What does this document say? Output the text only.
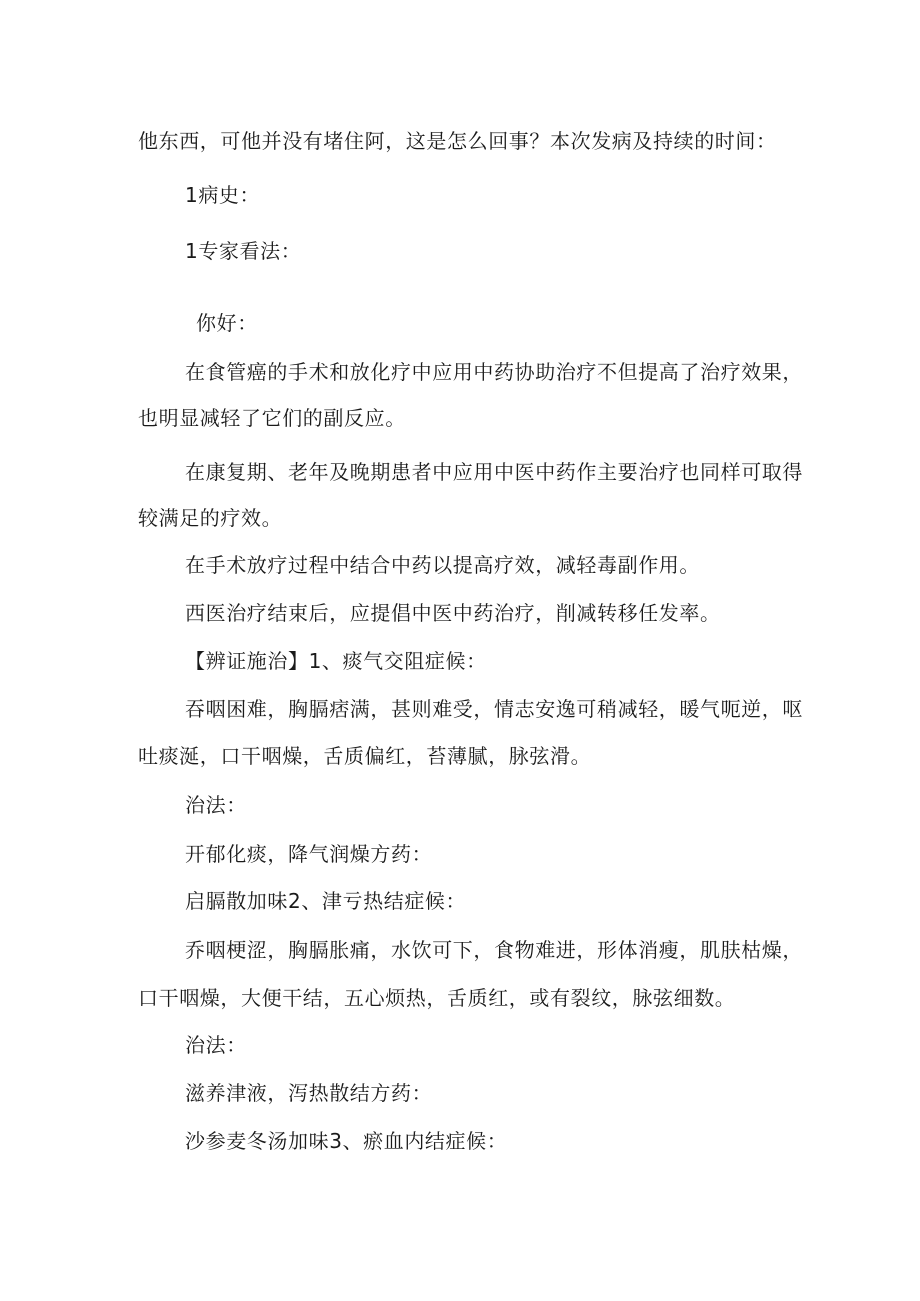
他东西，可他并没有堵住阿，这是怎么回事？本次发病及持续的时间：
1病史：
1专家看法：
你好：
在食管癌的手术和放化疗中应用中药协助治疗不但提高了治疗效果，
也明显减轻了它们的副反应。
在康复期、老年及晚期患者中应用中医中药作主要治疗也同样可取得
较满足的疗效。
在手术放疗过程中结合中药以提高疗效，减轻毒副作用。
西医治疗结束后，应提倡中医中药治疗，削减转移任发率。
【辨证施治】1、痰气交阻症候：
吞咽困难，胸膈痞满，甚则难受，情志安逸可稍减轻，暖气呃逆，呕
吐痰涎，口干咽燥，舌质偏红，苔薄腻，脉弦滑。
治法：
开郁化痰，降气润燥方药：
启膈散加味2、津亏热结症候：
乔咽梗涩，胸膈胀痛，水饮可下，食物难进，形体消瘦，肌肤枯燥，
口干咽燥，大便干结，五心烦热，舌质红，或有裂纹，脉弦细数。
治法：
滋养津液，泻热散结方药：
沙参麦冬汤加味3、瘀血内结症候：
